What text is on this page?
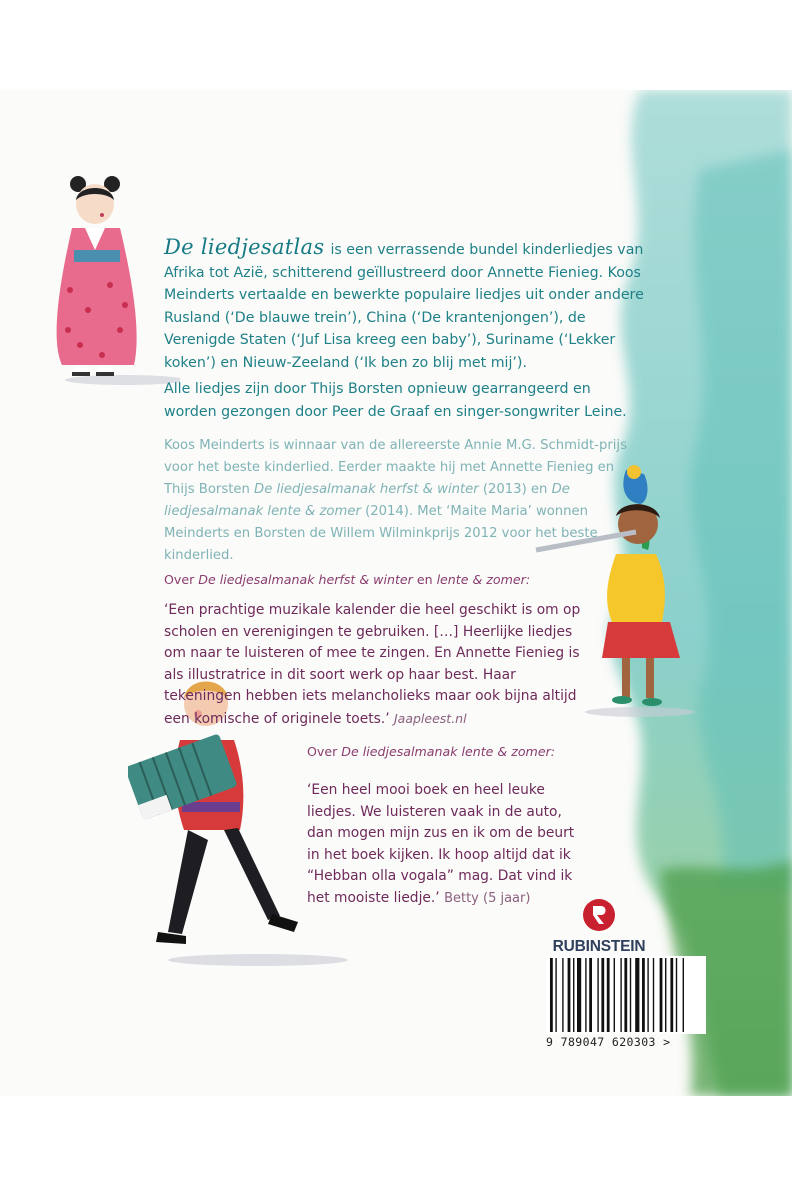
De liedjesatlas is een verrassende bundel kinderliedjes van Afrika tot Azië, schitterend geïllustreerd door Annette Fienieg. Koos Meinderts vertaalde en bewerkte populaire liedjes uit onder andere Rusland (‘De blauwe trein’), China (‘De krantenjongen’), de Verenigde Staten (‘Juf Lisa kreeg een baby’), Suriname (‘Lekker koken’) en Nieuw-Zeeland (‘Ik ben zo blij met mij’).
Alle liedjes zijn door Thijs Borsten opnieuw gearrangeerd en worden gezongen door Peer de Graaf en singer-songwriter Leine.
Koos Meinderts is winnaar van de allereerste Annie M.G. Schmidt-prijs voor het beste kinderlied. Eerder maakte hij met Annette Fienieg en Thijs Borsten De liedjesalmanak herfst & winter (2013) en De liedjesalmanak lente & zomer (2014). Met ‘Maite Maria’ wonnen Meinderts en Borsten de Willem Wilminkprijs 2012 voor het beste kinderlied.
Over De liedjesalmanak herfst & winter en lente & zomer:
‘Een prachtige muzikale kalender die heel geschikt is om op scholen en verenigingen te gebruiken. […] Heerlijke liedjes om naar te luisteren of mee te zingen. En Annette Fienieg is als illustratrice in dit soort werk op haar best. Haar tekeningen hebben iets melancholieks maar ook bijna altijd een komische of originele toets.’ Jaapleest.nl
Over De liedjesalmanak lente & zomer:
‘Een heel mooi boek en heel leuke liedjes. We luisteren vaak in de auto, dan mogen mijn zus en ik om de beurt in het boek kijken. Ik hoop altijd dat ik “Hebban olla vogala” mag. Dat vind ik het mooiste liedje.’ Betty (5 jaar)
RUBINSTEIN
9 789047 620303 >
